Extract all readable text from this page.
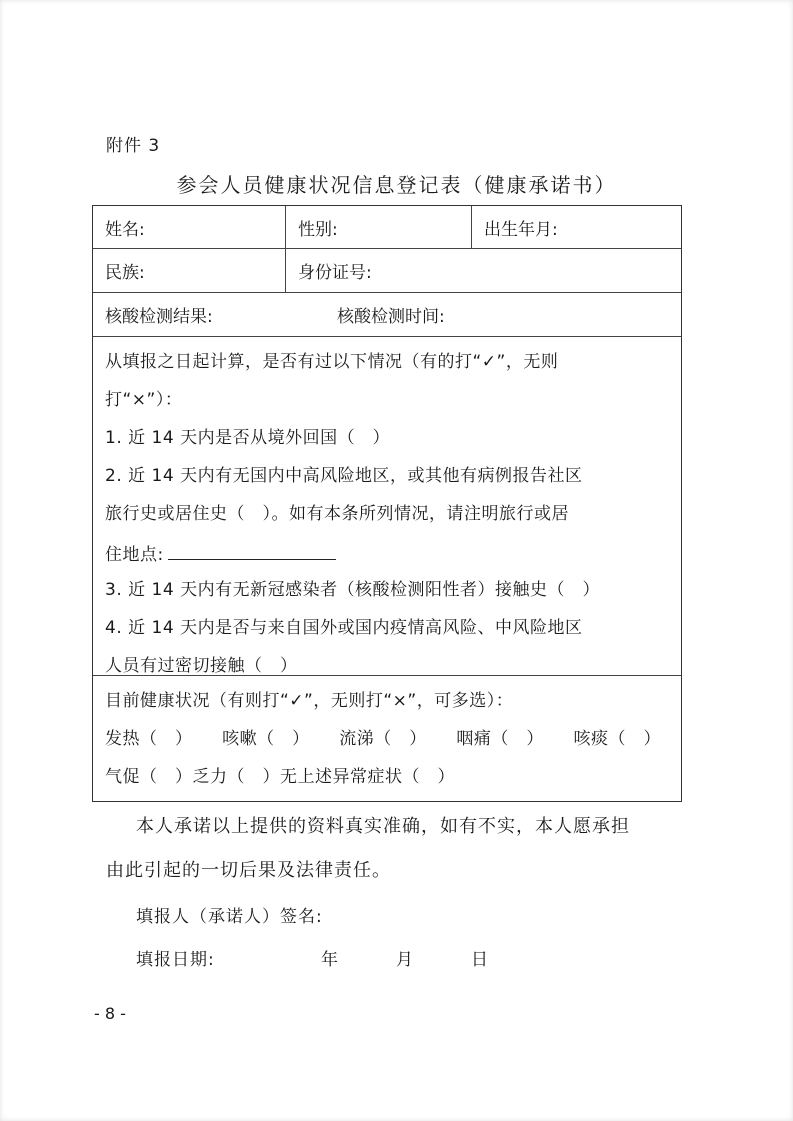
附件 3
参会人员健康状况信息登记表（健康承诺书）
姓名:	性别:	出生年月:
民族:	身份证号:
核酸检测结果:	核酸检测时间:
从填报之日起计算，是否有过以下情况（有的打“✓”，无则
打“×”）：
1. 近 14 天内是否从境外回国（　）
2. 近 14 天内有无国内中高风险地区，或其他有病例报告社区
旅行史或居住史（　）。如有本条所列情况，请注明旅行或居
住地点:
3. 近 14 天内有无新冠感染者（核酸检测阳性者）接触史（　）
4. 近 14 天内是否与来自国外或国内疫情高风险、中风险地区
人员有过密切接触（　）
目前健康状况（有则打“✓”，无则打“×”，可多选）：
发热（　） 咳嗽（　） 流涕（　） 咽痛（　） 咳痰（　）
气促（　）乏力（　）无上述异常症状（　）
本人承诺以上提供的资料真实准确，如有不实，本人愿承担
由此引起的一切后果及法律责任。
填报人（承诺人）签名:
填报日期:	年	月	日
- 8 -
